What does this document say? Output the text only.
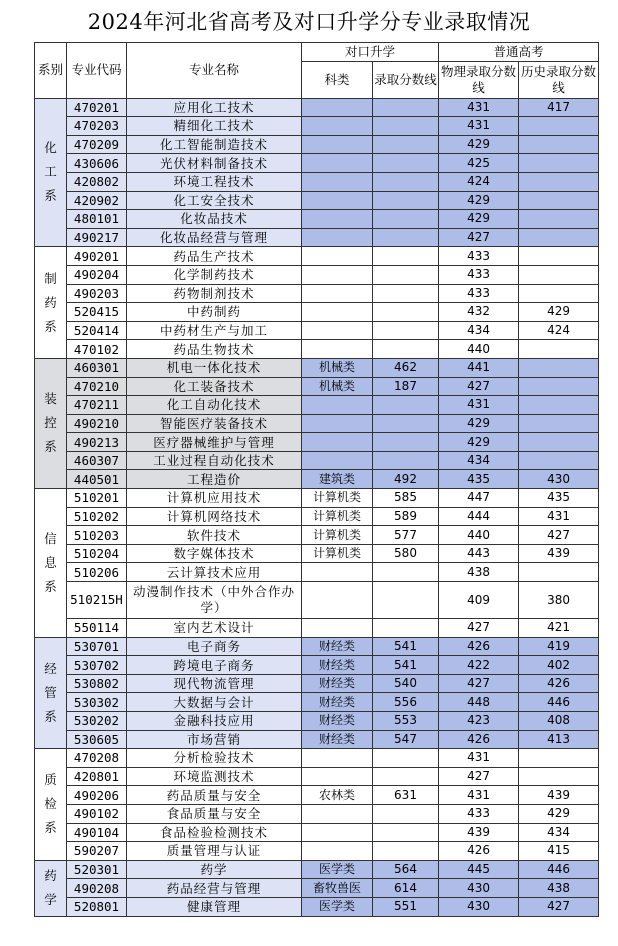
2024年河北省高考及对口升学分专业录取情况
系别	专业代码	专业名称	对口升学		普通高考	
			科类	录取分数线	物理录取分数线	历史录取分数线
化工系	470201	应用化工技术			431	417
	470203	精细化工技术			431	
	470209	化工智能制造技术			429	
	430606	光伏材料制备技术			425	
	420802	环境工程技术			424	
	420902	化工安全技术			429	
	480101	化妆品技术			429	
	490217	化妆品经营与管理			427	
制药系	490201	药品生产技术			433	
	490204	化学制药技术			433	
	490203	药物制剂技术			433	
	520415	中药制药			432	429
	520414	中药材生产与加工			434	424
	470102	药品生物技术			440	
装控系	460301	机电一体化技术	机械类	462	441	
	470210	化工装备技术	机械类	187	427	
	470211	化工自动化技术			431	
	490210	智能医疗装备技术			429	
	490213	医疗器械维护与管理			429	
	460307	工业过程自动化技术			434	
	440501	工程造价	建筑类	492	435	430
信息系	510201	计算机应用技术	计算机类	585	447	435
	510202	计算机网络技术	计算机类	589	444	431
	510203	软件技术	计算机类	577	440	427
	510204	数字媒体技术	计算机类	580	443	439
	510206	云计算技术应用			438	
	510215H	动漫制作技术（中外合作办学）			409	380
	550114	室内艺术设计			427	421
经管系	530701	电子商务	财经类	541	426	419
	530702	跨境电子商务	财经类	541	422	402
	530802	现代物流管理	财经类	540	427	426
	530302	大数据与会计	财经类	556	448	446
	530202	金融科技应用	财经类	553	423	408
	530605	市场营销	财经类	547	426	413
质检系	470208	分析检验技术			431	
	420801	环境监测技术			427	
	490206	药品质量与安全	农林类	631	431	439
	490102	食品质量与安全			433	429
	490104	食品检验检测技术			439	434
	590207	质量管理与认证			426	415
药学	520301	药学	医学类	564	445	446
	490208	药品经营与管理	畜牧兽医	614	430	438
	520801	健康管理	医学类	551	430	427
